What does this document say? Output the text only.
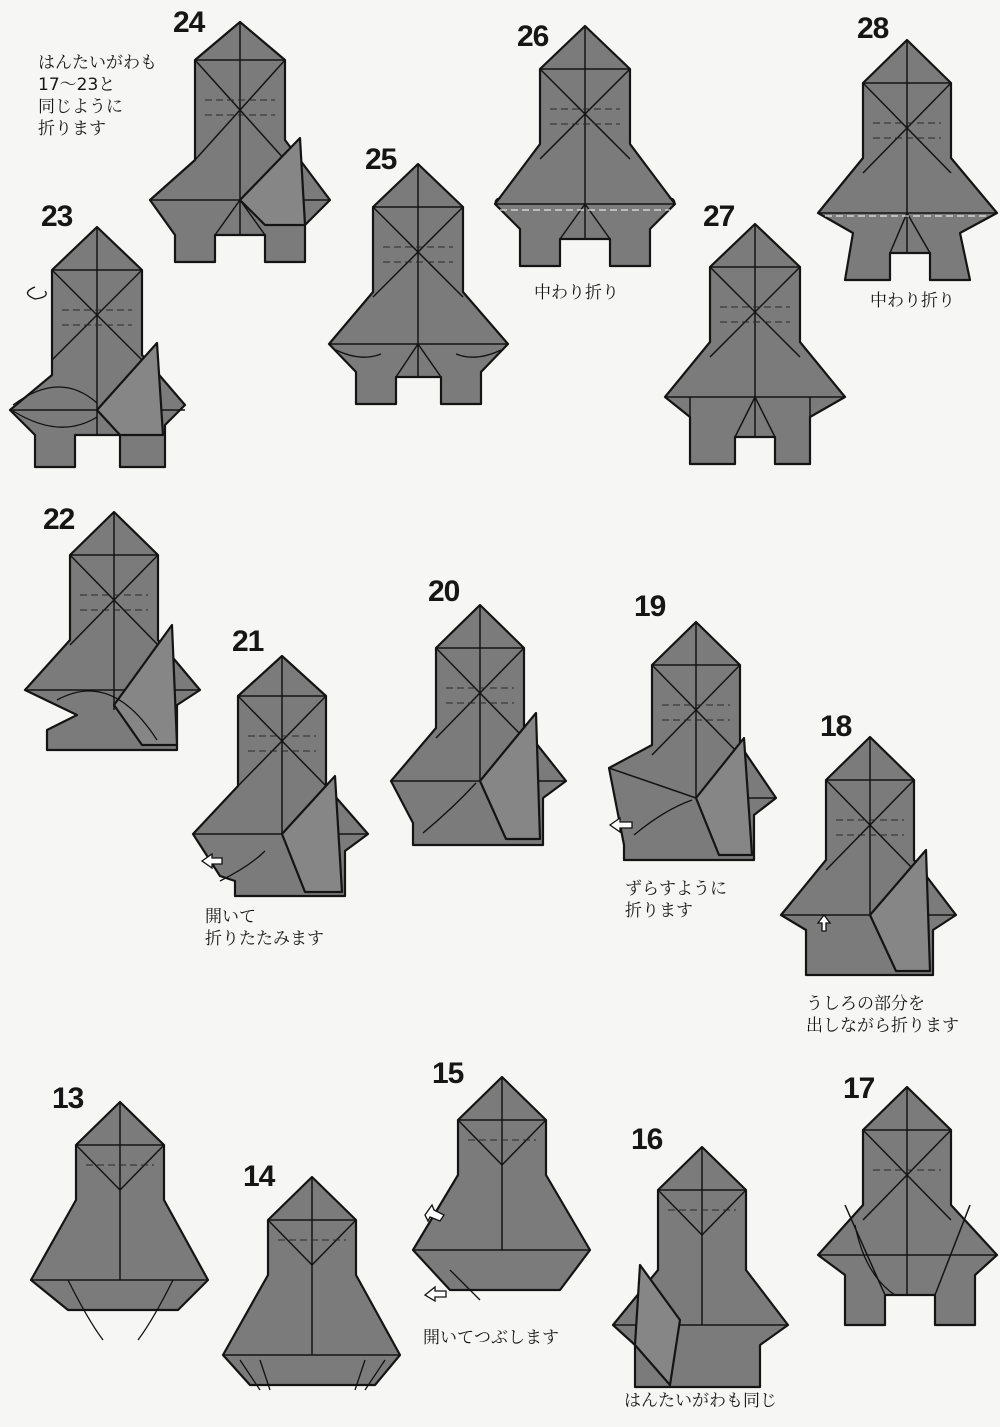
24
23
25
26
27
28
22
21
20	19
18
13
14
15
16
17
はんたいがわも
17〜23と
同じように
折ります
中わり折り	中わり折り
開いて
折りたたみます
ずらすように
折ります
うしろの部分を
出しながら折ります
開いてつぶします
はんたいがわも同じ
